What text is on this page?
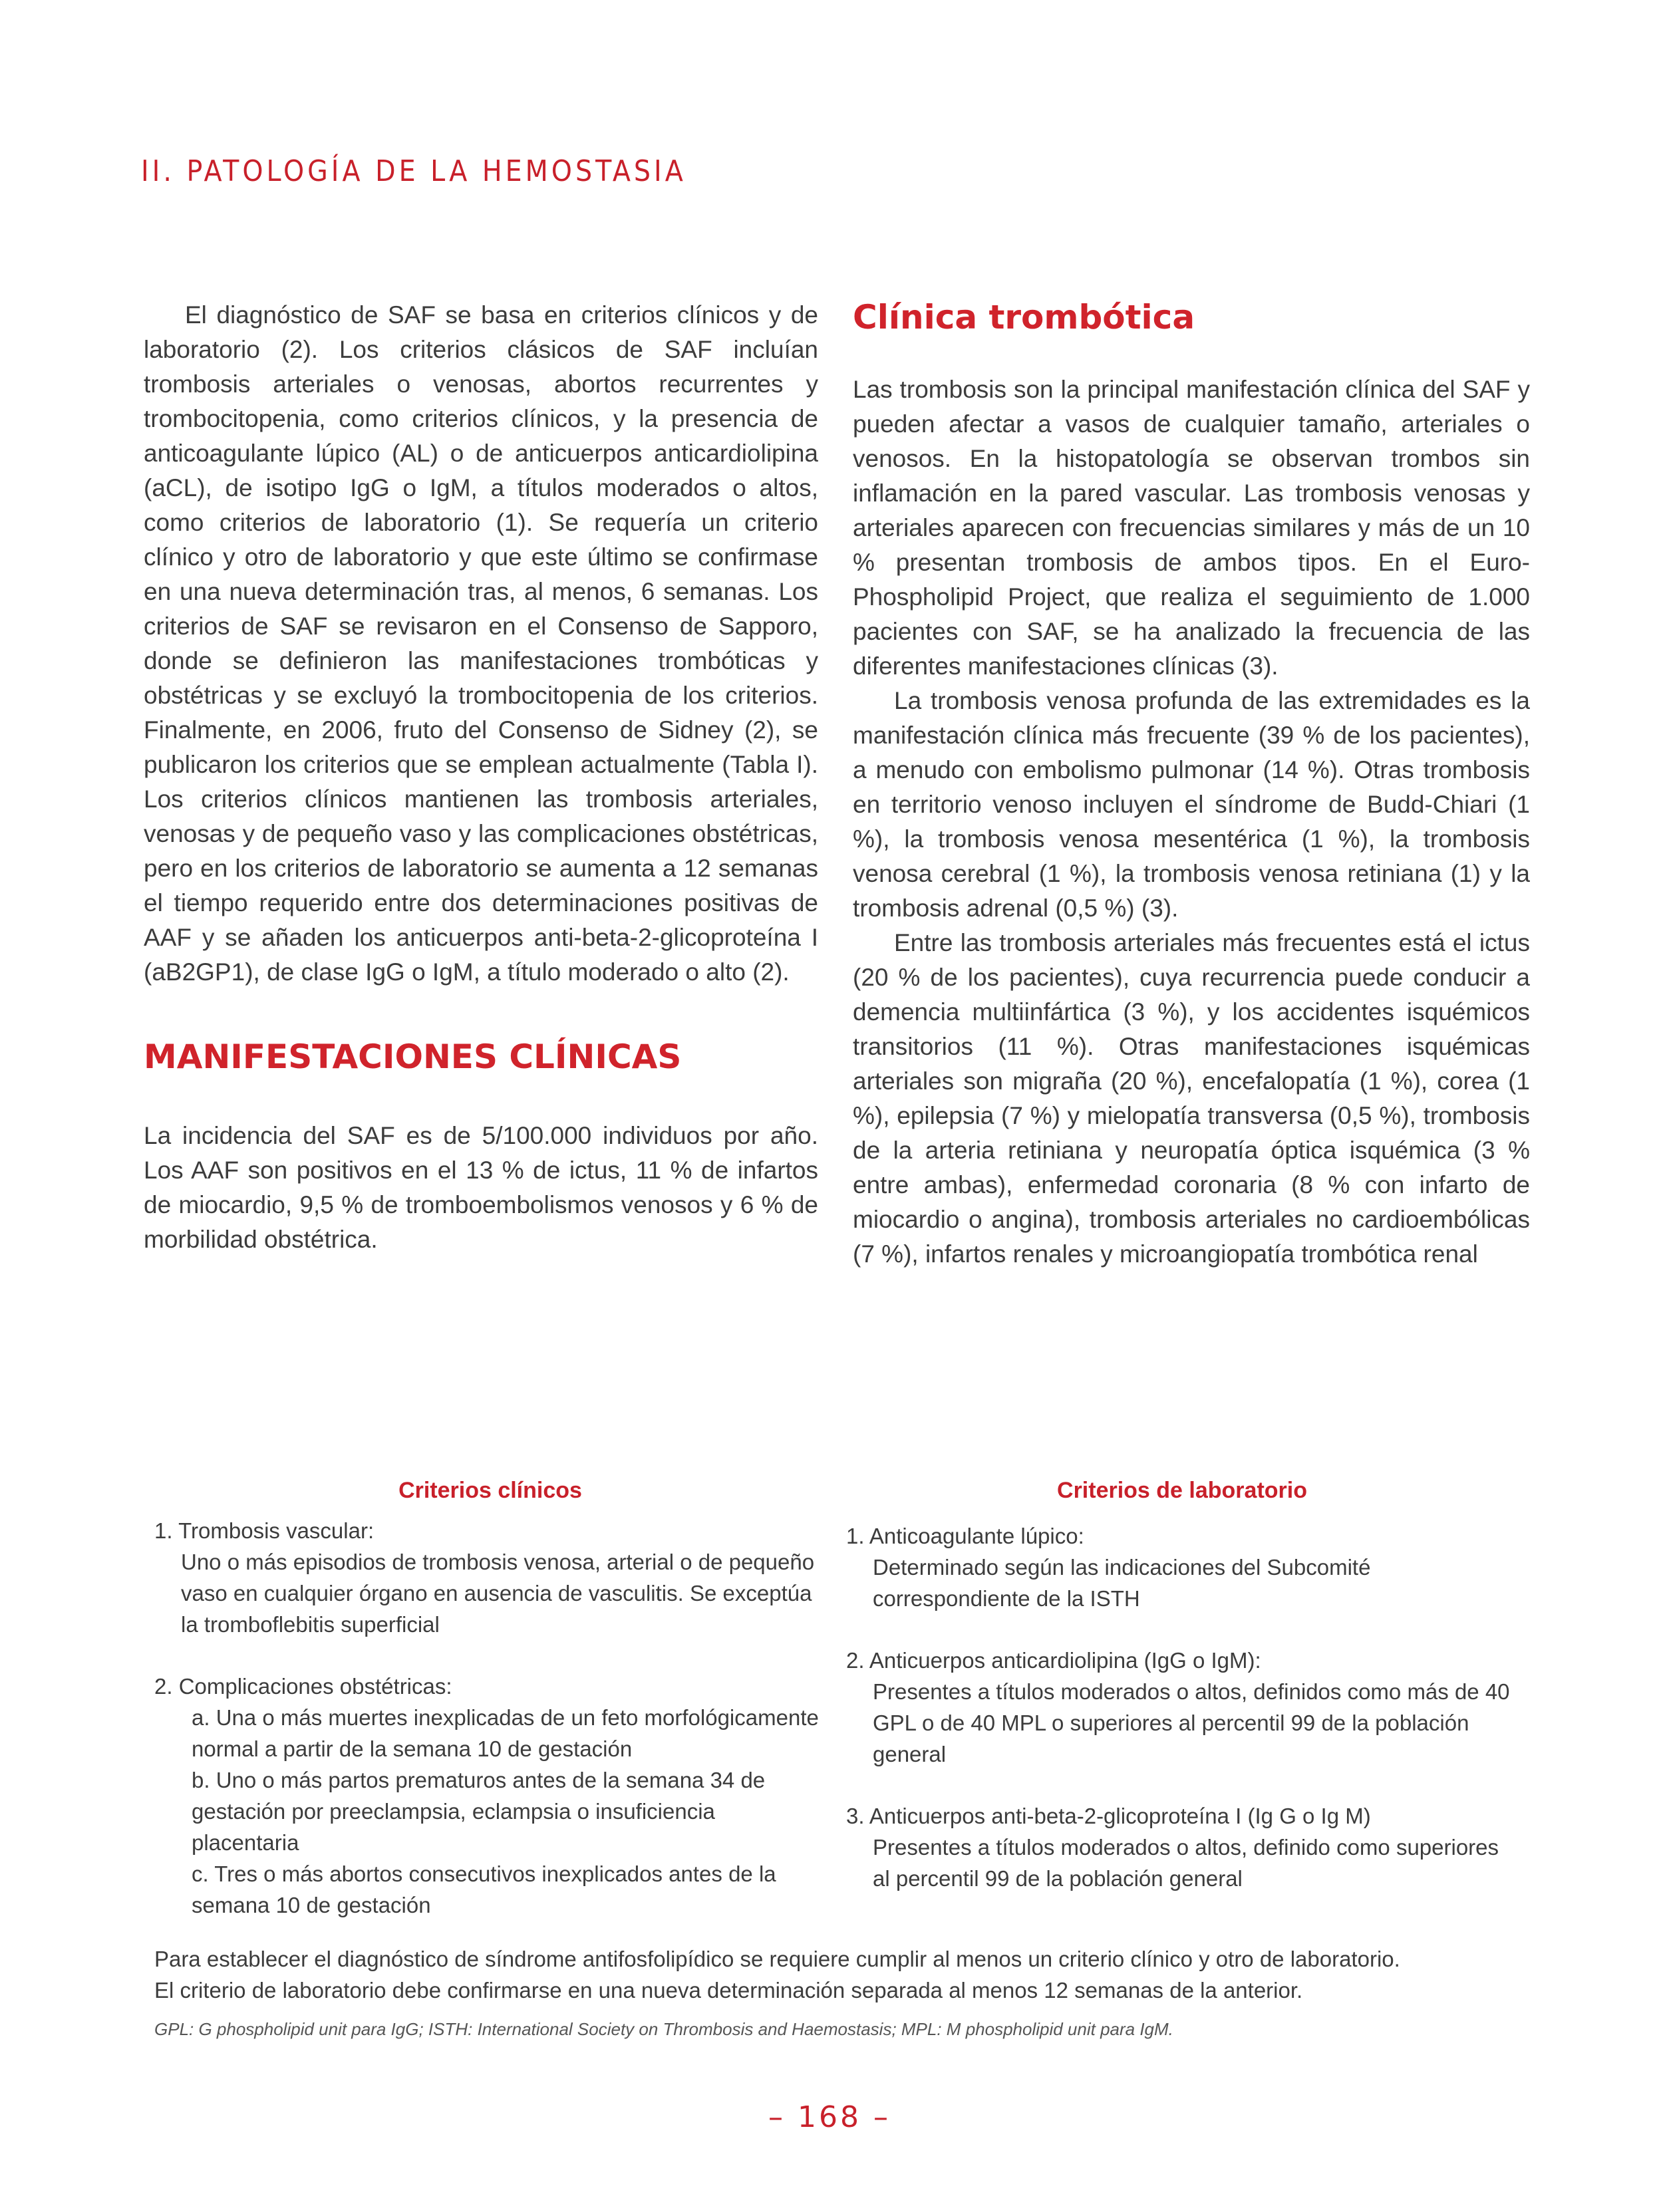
II. PATOLOGÍA DE LA HEMOSTASIA

El diagnóstico de SAF se basa en criterios clínicos y de laboratorio (2). Los criterios clásicos de SAF incluían trombosis arteriales o venosas, abortos recurrentes y trombocitopenia, como criterios clínicos, y la presencia de anticoagulante lúpico (AL) o de anticuerpos anticardiolipina (aCL), de isotipo IgG o IgM, a títulos moderados o altos, como criterios de laboratorio (1). Se requería un criterio clínico y otro de laboratorio y que este último se confirmase en una nueva determinación tras, al menos, 6 semanas. Los criterios de SAF se revisaron en el Consenso de Sapporo, donde se definieron las manifestaciones trombóticas y obstétricas y se excluyó la trombocitopenia de los criterios. Finalmente, en 2006, fruto del Consenso de Sidney (2), se publicaron los criterios que se emplean actualmente (Tabla I). Los criterios clínicos mantienen las trombosis arteriales, venosas y de pequeño vaso y las complicaciones obstétricas, pero en los criterios de laboratorio se aumenta a 12 semanas el tiempo requerido entre dos determinaciones positivas de AAF y se añaden los anticuerpos anti-beta-2-glicoproteína I (aB2GP1), de clase IgG o IgM, a título moderado o alto (2).

MANIFESTACIONES CLÍNICAS

La incidencia del SAF es de 5/100.000 individuos por año. Los AAF son positivos en el 13 % de ictus, 11 % de infartos de miocardio, 9,5 % de tromboembolismos venosos y 6 % de morbilidad obstétrica.

Clínica trombótica

Las trombosis son la principal manifestación clínica del SAF y pueden afectar a vasos de cualquier tamaño, arteriales o venosos. En la histopatología se observan trombos sin inflamación en la pared vascular. Las trombosis venosas y arteriales aparecen con frecuencias similares y más de un 10 % presentan trombosis de ambos tipos. En el Euro-Phospholipid Project, que realiza el seguimiento de 1.000 pacientes con SAF, se ha analizado la frecuencia de las diferentes manifestaciones clínicas (3).

La trombosis venosa profunda de las extremidades es la manifestación clínica más frecuente (39 % de los pacientes), a menudo con embolismo pulmonar (14 %). Otras trombosis en territorio venoso incluyen el síndrome de Budd-Chiari (1 %), la trombosis venosa mesentérica (1 %), la trombosis venosa cerebral (1 %), la trombosis venosa retiniana (1) y la trombosis adrenal (0,5 %) (3).

Entre las trombosis arteriales más frecuentes está el ictus (20 % de los pacientes), cuya recurrencia puede conducir a demencia multiinfártica (3 %), y los accidentes isquémicos transitorios (11 %). Otras manifestaciones isquémicas arteriales son migraña (20 %), encefalopatía (1 %), corea (1 %), epilepsia (7 %) y mielopatía transversa (0,5 %), trombosis de la arteria retiniana y neuropatía óptica isquémica (3 % entre ambas), enfermedad coronaria (8 % con infarto de miocardio o angina), trombosis arteriales no cardioembólicas (7 %), infartos renales y microangiopatía trombótica renal

Criterios clínicos	Criterios de laboratorio
1. Trombosis vascular:
Uno o más episodios de trombosis venosa, arterial o de pequeño vaso en cualquier órgano en ausencia de vasculitis. Se exceptúa la tromboflebitis superficial
2. Complicaciones obstétricas:
a. Una o más muertes inexplicadas de un feto morfológicamente normal a partir de la semana 10 de gestación
b. Uno o más partos prematuros antes de la semana 34 de gestación por preeclampsia, eclampsia o insuficiencia placentaria
c. Tres o más abortos consecutivos inexplicados antes de la semana 10 de gestación
1. Anticoagulante lúpico:
Determinado según las indicaciones del Subcomité correspondiente de la ISTH
2. Anticuerpos anticardiolipina (IgG o IgM):
Presentes a títulos moderados o altos, definidos como más de 40 GPL o de 40 MPL o superiores al percentil 99 de la población general
3. Anticuerpos anti-beta-2-glicoproteína I (Ig G o Ig M)
Presentes a títulos moderados o altos, definido como superiores al percentil 99 de la población general
Para establecer el diagnóstico de síndrome antifosfolipídico se requiere cumplir al menos un criterio clínico y otro de laboratorio.
El criterio de laboratorio debe confirmarse en una nueva determinación separada al menos 12 semanas de la anterior.
GPL: G phospholipid unit para IgG; ISTH: International Society on Thrombosis and Haemostasis; MPL: M phospholipid unit para IgM.
– 168 –
